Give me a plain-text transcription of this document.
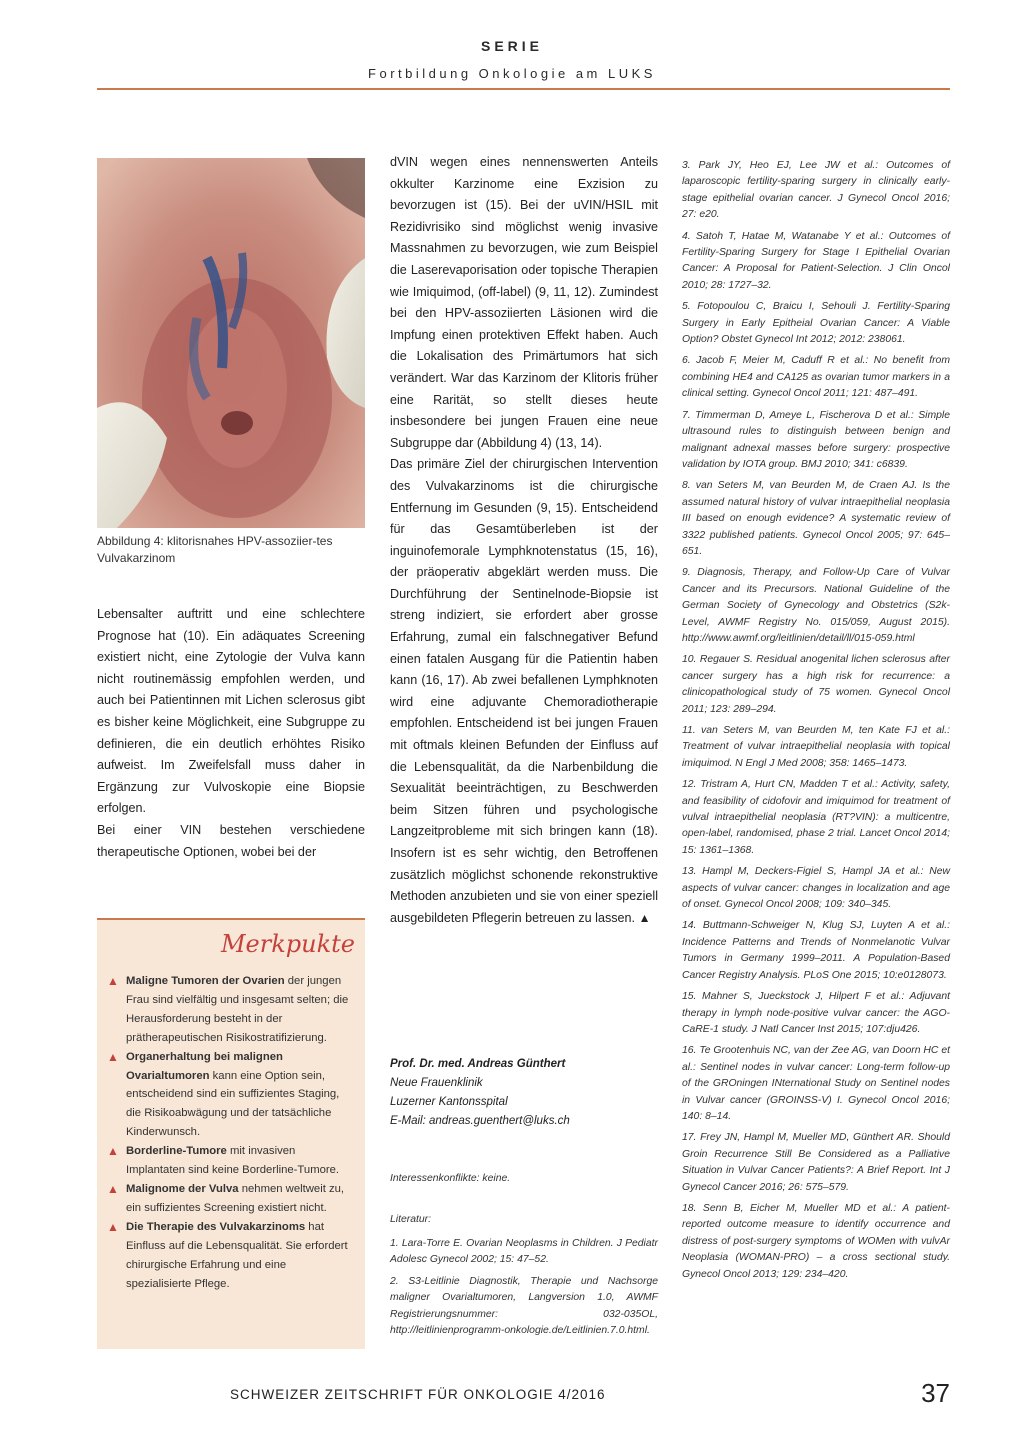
SERIE
Fortbildung Onkologie am LUKS
Abbildung 4: klitorisnahes HPV-assoziier-tes Vulvakarzinom

Lebensalter auftritt und eine schlechtere Prognose hat (10). Ein adäquates Screening existiert nicht, eine Zytologie der Vulva kann nicht routinemässig empfohlen werden, und auch bei Patientinnen mit Lichen sclerosus gibt es bisher keine Möglichkeit, eine Subgruppe zu definieren, die ein deutlich erhöhtes Risiko aufweist. Im Zweifelsfall muss daher in Ergänzung zur Vulvoskopie eine Biopsie erfolgen.

Bei einer VIN bestehen verschiedene therapeutische Optionen, wobei bei der

Merkpukte
▲ Maligne Tumoren der Ovarien der jungen Frau sind vielfältig und insgesamt selten; die Herausforderung besteht in der prätherapeutischen Risikostratifizierung.
▲ Organerhaltung bei malignen Ovarialtumoren kann eine Option sein, entscheidend sind ein suffizientes Staging, die Risikoabwägung und der tatsächliche Kinderwunsch.
▲ Borderline-Tumore mit invasiven Implantaten sind keine Borderline-Tumore.
▲ Malignome der Vulva nehmen weltweit zu, ein suffizientes Screening existiert nicht.
▲ Die Therapie des Vulvakarzinoms hat Einfluss auf die Lebensqualität. Sie erfordert chirurgische Erfahrung und eine spezialisierte Pflege.

dVIN wegen eines nennenswerten Anteils okkulter Karzinome eine Exzision zu bevorzugen ist (15). Bei der uVIN/HSIL mit Rezidivrisiko sind möglichst wenig invasive Massnahmen zu bevorzugen, wie zum Beispiel die Laserevaporisation oder topische Therapien wie Imiquimod, (off-label) (9, 11, 12). Zumindest bei den HPV-assoziierten Läsionen wird die Impfung einen protektiven Effekt haben. Auch die Lokalisation des Primärtumors hat sich verändert. War das Karzinom der Klitoris früher eine Rarität, so stellt dieses heute insbesondere bei jungen Frauen eine neue Subgruppe dar (Abbildung 4) (13, 14).

Das primäre Ziel der chirurgischen Intervention des Vulvakarzinoms ist die chirurgische Entfernung im Gesunden (9, 15). Entscheidend für das Gesamtüberleben ist der inguinofemorale Lymphknotenstatus (15, 16), der präoperativ abgeklärt werden muss. Die Durchführung der Sentinelnode-Biopsie ist streng indiziert, sie erfordert aber grosse Erfahrung, zumal ein falschnegativer Befund einen fatalen Ausgang für die Patientin haben kann (16, 17). Ab zwei befallenen Lymphknoten wird eine adjuvante Chemoradiotherapie empfohlen. Entscheidend ist bei jungen Frauen mit oftmals kleinen Befunden der Einfluss auf die Lebensqualität, da die Narbenbildung die Sexualität beeinträchtigen, zu Beschwerden beim Sitzen führen und psychologische Langzeitprobleme mit sich bringen kann (18). Insofern ist es sehr wichtig, den Betroffenen zusätzlich möglichst schonende rekonstruktive Methoden anzubieten und sie von einer speziell ausgebildeten Pflegerin betreuen zu lassen. ▲

Prof. Dr. med. Andreas Günthert
Neue Frauenklinik
Luzerner Kantonsspital
E-Mail: andreas.guenthert@luks.ch
Interessenkonflikte: keine.
Literatur:
1. Lara-Torre E. Ovarian Neoplasms in Children. J Pediatr Adolesc Gynecol 2002; 15: 47–52.
2. S3-Leitlinie Diagnostik, Therapie und Nachsorge maligner Ovarialtumoren, Langversion 1.0, AWMF Registrierungsnummer: 032-035OL, http://leitlinienprogramm-onkologie.de/Leitlinien.7.0.html.
3. Park JY, Heo EJ, Lee JW et al.: Outcomes of laparoscopic fertility-sparing surgery in clinically early-stage epithelial ovarian cancer. J Gynecol Oncol 2016; 27: e20.
4. Satoh T, Hatae M, Watanabe Y et al.: Outcomes of Fertility-Sparing Surgery for Stage I Epithelial Ovarian Cancer: A Proposal for Patient-Selection. J Clin Oncol 2010; 28: 1727–32.
5. Fotopoulou C, Braicu I, Sehouli J. Fertility-Sparing Surgery in Early Epitheial Ovarian Cancer: A Viable Option? Obstet Gynecol Int 2012; 2012: 238061.
6. Jacob F, Meier M, Caduff R et al.: No benefit from combining HE4 and CA125 as ovarian tumor markers in a clinical setting. Gynecol Oncol 2011; 121: 487–491.
7. Timmerman D, Ameye L, Fischerova D et al.: Simple ultrasound rules to distinguish between benign and malignant adnexal masses before surgery: prospective validation by IOTA group. BMJ 2010; 341: c6839.
8. van Seters M, van Beurden M, de Craen AJ. Is the assumed natural history of vulvar intraepithelial neoplasia III based on enough evidence? A systematic review of 3322 published patients. Gynecol Oncol 2005; 97: 645–651.
9. Diagnosis, Therapy, and Follow-Up Care of Vulvar Cancer and its Precursors. National Guideline of the German Society of Gynecology and Obstetrics (S2k-Level, AWMF Registry No. 015/059, August 2015). http://www.awmf.org/leitlinien/detail/ll/015-059.html
10. Regauer S. Residual anogenital lichen sclerosus after cancer surgery has a high risk for recurrence: a clinicopathological study of 75 women. Gynecol Oncol 2011; 123: 289–294.
11. van Seters M, van Beurden M, ten Kate FJ et al.: Treatment of vulvar intraepithelial neoplasia with topical imiquimod. N Engl J Med 2008; 358: 1465–1473.
12. Tristram A, Hurt CN, Madden T et al.: Activity, safety, and feasibility of cidofovir and imiquimod for treatment of vulval intraepithelial neoplasia (RT?VIN): a multicentre, open-label, randomised, phase 2 trial. Lancet Oncol 2014; 15: 1361–1368.
13. Hampl M, Deckers-Figiel S, Hampl JA et al.: New aspects of vulvar cancer: changes in localization and age of onset. Gynecol Oncol 2008; 109: 340–345.
14. Buttmann-Schweiger N, Klug SJ, Luyten A et al.: Incidence Patterns and Trends of Nonmelanotic Vulvar Tumors in Germany 1999–2011. A Population-Based Cancer Registry Analysis. PLoS One 2015; 10:e0128073.
15. Mahner S, Jueckstock J, Hilpert F et al.: Adjuvant therapy in lymph node-positive vulvar cancer: the AGO-CaRE-1 study. J Natl Cancer Inst 2015; 107:dju426.
16. Te Grootenhuis NC, van der Zee AG, van Doorn HC et al.: Sentinel nodes in vulvar cancer: Long-term follow-up of the GROningen INternational Study on Sentinel nodes in Vulvar cancer (GROINSS-V) I. Gynecol Oncol 2016; 140: 8–14.
17. Frey JN, Hampl M, Mueller MD, Günthert AR. Should Groin Recurrence Still Be Considered as a Palliative Situation in Vulvar Cancer Patients?: A Brief Report. Int J Gynecol Cancer 2016; 26: 575–579.
18. Senn B, Eicher M, Mueller MD et al.: A patient-reported outcome measure to identify occurrence and distress of post-surgery symptoms of WOMen with vulvAr Neoplasia (WOMAN-PRO) – a cross sectional study. Gynecol Oncol 2013; 129: 234–420.
SCHWEIZER ZEITSCHRIFT FÜR ONKOLOGIE 4/2016	37
